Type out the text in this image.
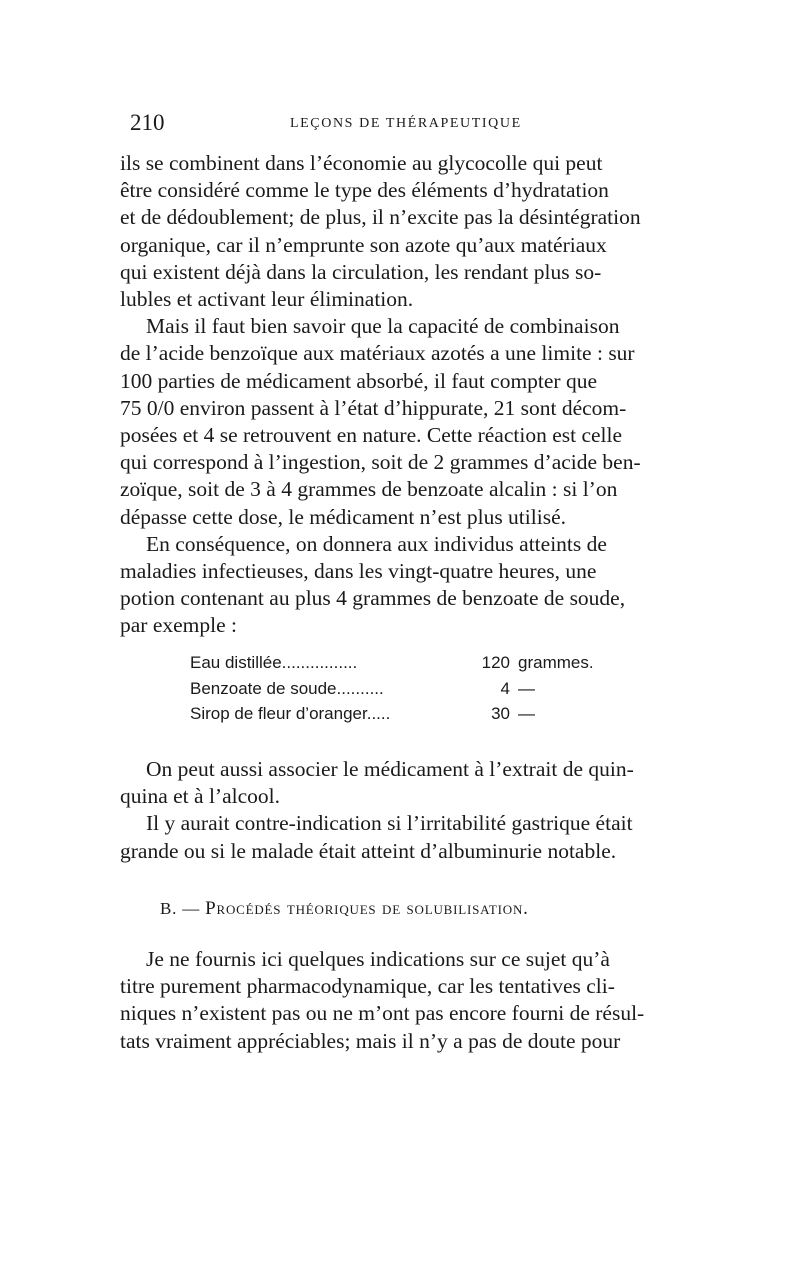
210	LEÇONS DE THÉRAPEUTIQUE

ils se combinent dans l’économie au glycocolle qui peut
être considéré comme le type des éléments d’hydratation
et de dédoublement; de plus, il n’excite pas la désintégration
organique, car il n’emprunte son azote qu’aux matériaux
qui existent déjà dans la circulation, les rendant plus so-
lubles et activant leur élimination.

Mais il faut bien savoir que la capacité de combinaison
de l’acide benzoïque aux matériaux azotés a une limite : sur
100 parties de médicament absorbé, il faut compter que
75 0/0 environ passent à l’état d’hippurate, 21 sont décom-
posées et 4 se retrouvent en nature. Cette réaction est celle
qui correspond à l’ingestion, soit de 2 grammes d’acide ben-
zoïque, soit de 3 à 4 grammes de benzoate alcalin : si l’on
dépasse cette dose, le médicament n’est plus utilisé.

En conséquence, on donnera aux individus atteints de
maladies infectieuses, dans les vingt-quatre heures, une
potion contenant au plus 4 grammes de benzoate de soude,
par exemple :

Eau distillée................	120 grammes.
Benzoate de soude..........	4 —
Sirop de fleur d’oranger.....	30 —

On peut aussi associer le médicament à l’extrait de quin-
quina et à l’alcool.

Il y aurait contre-indication si l’irritabilité gastrique était
grande ou si le malade était atteint d’albuminurie notable.

B. — Procédés théoriques de solubilisation.

Je ne fournis ici quelques indications sur ce sujet qu’à
titre purement pharmacodynamique, car les tentatives cli-
niques n’existent pas ou ne m’ont pas encore fourni de résul-
tats vraiment appréciables; mais il n’y a pas de doute pour
